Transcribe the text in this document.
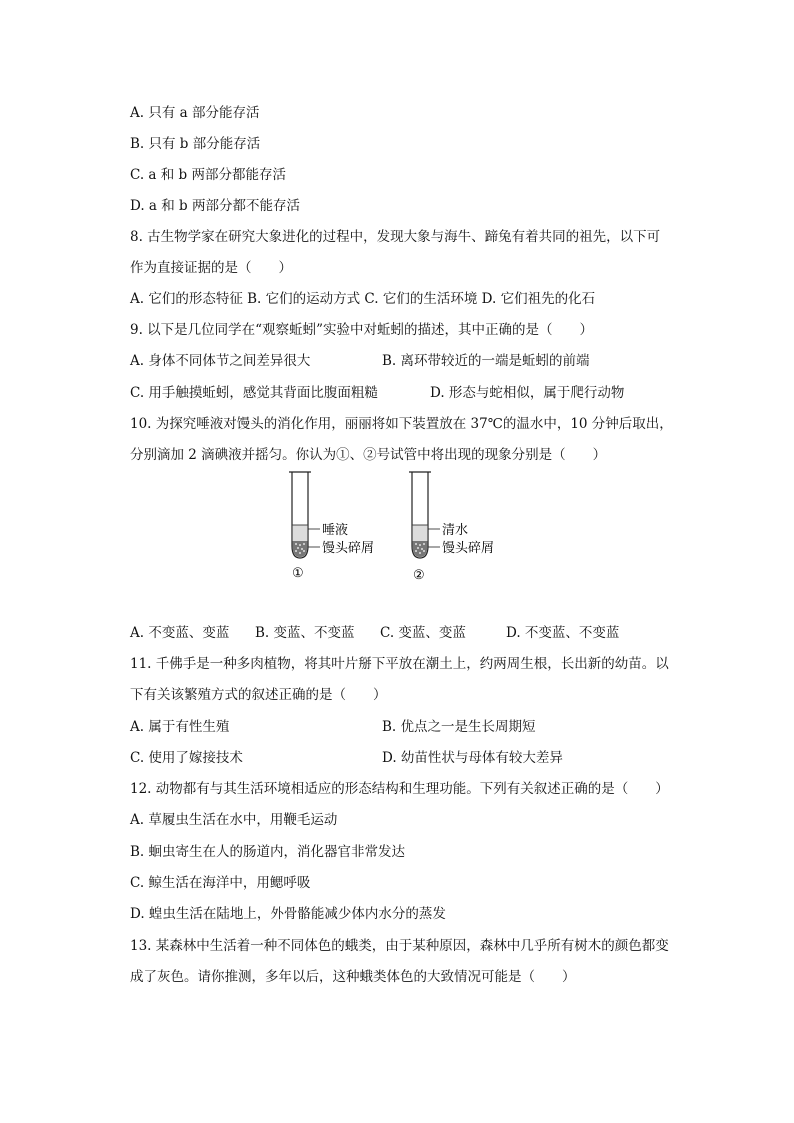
A. 只有 a 部分能存活
B. 只有 b 部分能存活
C. a 和 b 两部分都能存活
D. a 和 b 两部分都不能存活
8. 古生物学家在研究大象进化的过程中，发现大象与海牛、蹄兔有着共同的祖先，以下可
作为直接证据的是（　　）
A. 它们的形态特征 B. 它们的运动方式 C. 它们的生活环境 D. 它们祖先的化石
9. 以下是几位同学在“观察蚯蚓”实验中对蚯蚓的描述，其中正确的是（　　）
A. 身体不同体节之间差异很大	B. 离环带较近的一端是蚯蚓的前端
C. 用手触摸蚯蚓，感觉其背面比腹面粗糙	D. 形态与蛇相似，属于爬行动物
10. 为探究唾液对馒头的消化作用，丽丽将如下装置放在 37℃的温水中，10 分钟后取出，
分别滴加 2 滴碘液并摇匀。你认为①、②号试管中将出现的现象分别是（　　）
唾液
馒头碎屑
①
清水
馒头碎屑
②
A. 不变蓝、变蓝 B. 变蓝、不变蓝 C. 变蓝、变蓝	D. 不变蓝、不变蓝
11. 千佛手是一种多肉植物，将其叶片掰下平放在潮土上，约两周生根，长出新的幼苗。以
下有关该繁殖方式的叙述正确的是（　　）
A. 属于有性生殖	B. 优点之一是生长周期短
C. 使用了嫁接技术	D. 幼苗性状与母体有较大差异
12. 动物都有与其生活环境相适应的形态结构和生理功能。下列有关叙述正确的是（　　）
A. 草履虫生活在水中，用鞭毛运动
B. 蛔虫寄生在人的肠道内，消化器官非常发达
C. 鲸生活在海洋中，用鳃呼吸
D. 蝗虫生活在陆地上，外骨骼能减少体内水分的蒸发
13. 某森林中生活着一种不同体色的蛾类，由于某种原因，森林中几乎所有树木的颜色都变
成了灰色。请你推测，多年以后，这种蛾类体色的大致情况可能是（　　）
